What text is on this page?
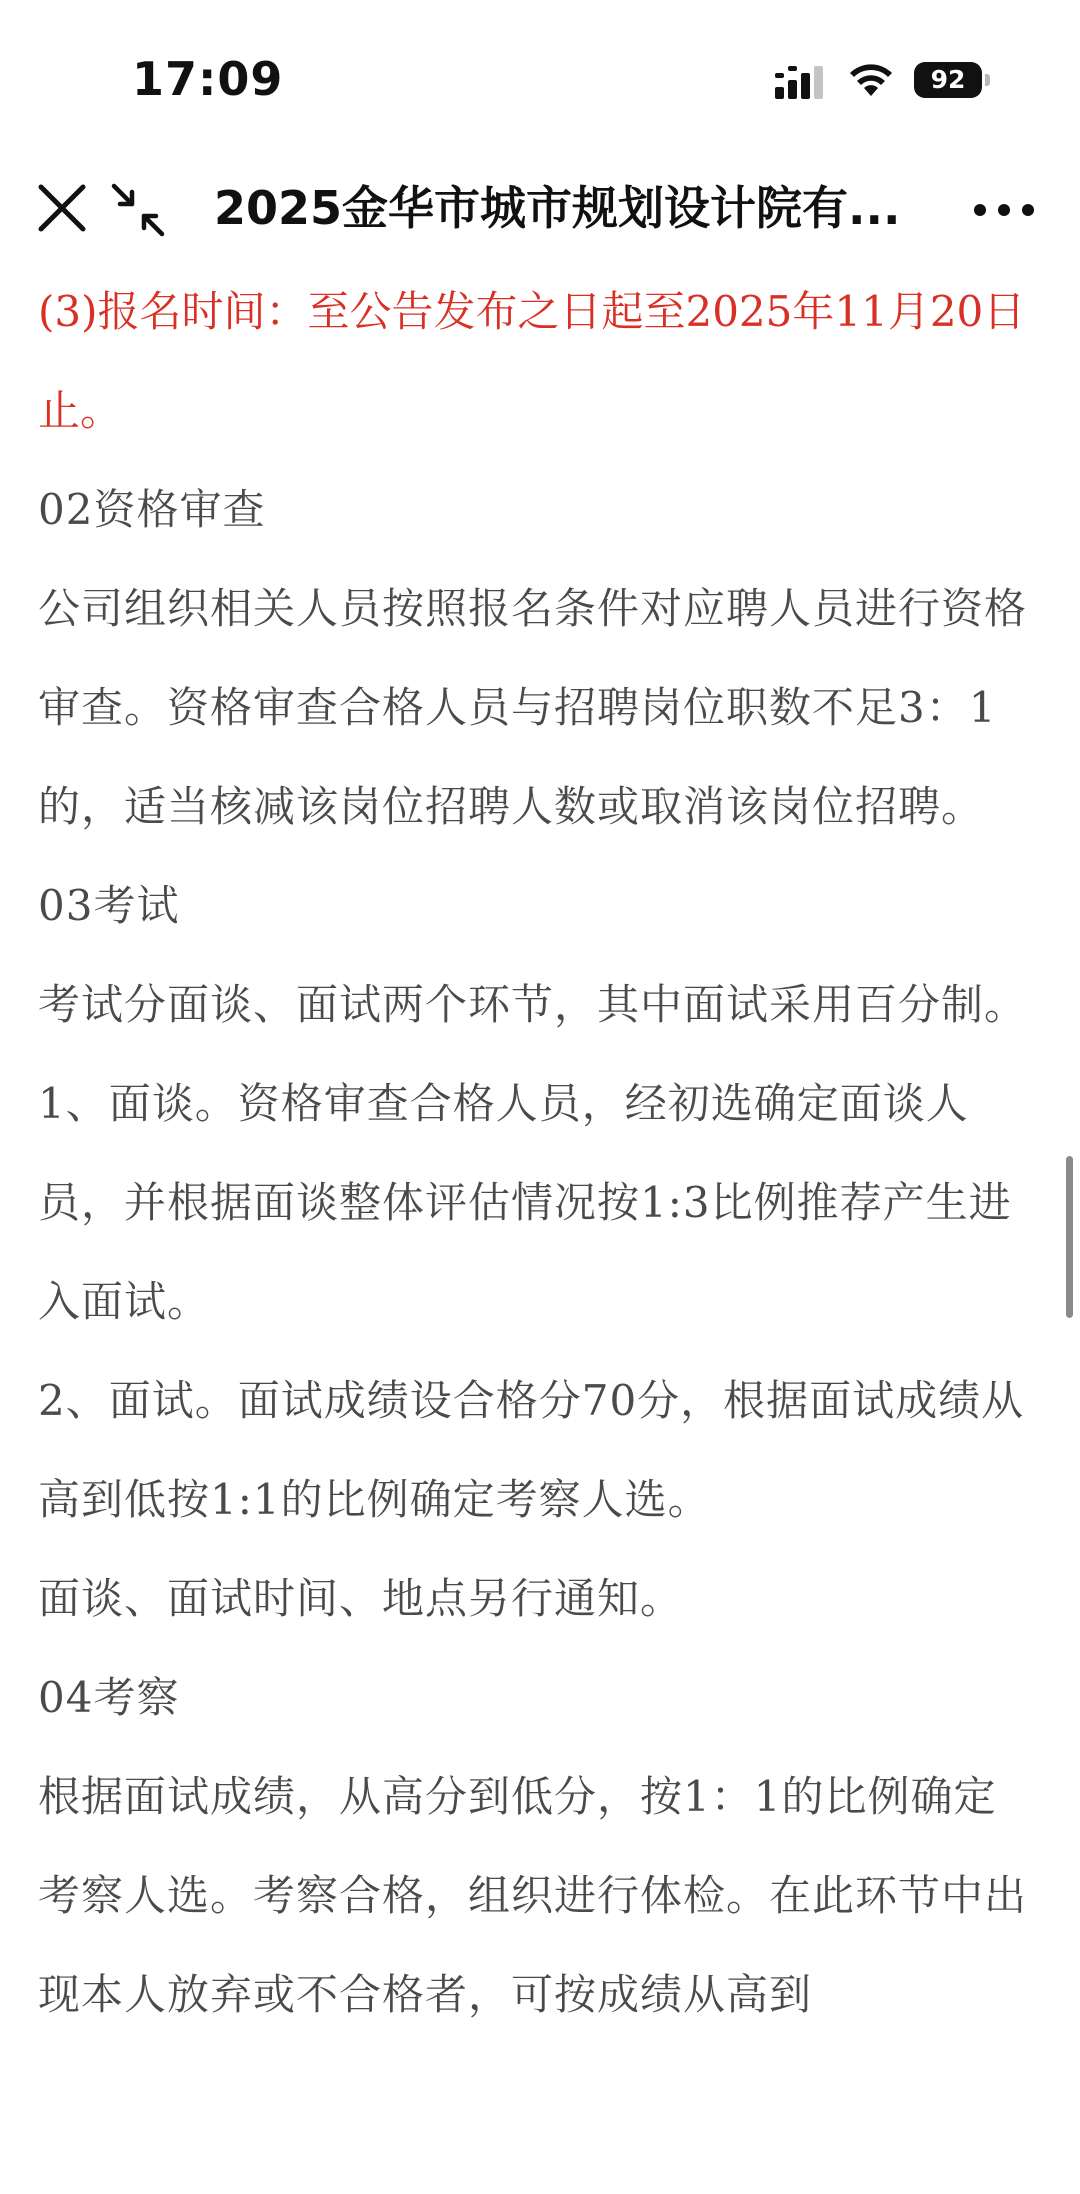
17:09	92
2025金华市城市规划设计院有...

(3)报名时间：至公告发布之日起至2025年11月20日止。

02资格审查

公司组织相关人员按照报名条件对应聘人员进行资格审查。资格审查合格人员与招聘岗位职数不足3：1的，适当核减该岗位招聘人数或取消该岗位招聘。

03考试

考试分面谈、面试两个环节，其中面试采用百分制。

1、面谈。资格审查合格人员，经初选确定面谈人员，并根据面谈整体评估情况按1:3比例推荐产生进入面试。

2、面试。面试成绩设合格分70分，根据面试成绩从高到低按1:1的比例确定考察人选。

面谈、面试时间、地点另行通知。

04考察

根据面试成绩，从高分到低分，按1：1的比例确定考察人选。考察合格，组织进行体检。在此环节中出现本人放弃或不合格者，可按成绩从高到
